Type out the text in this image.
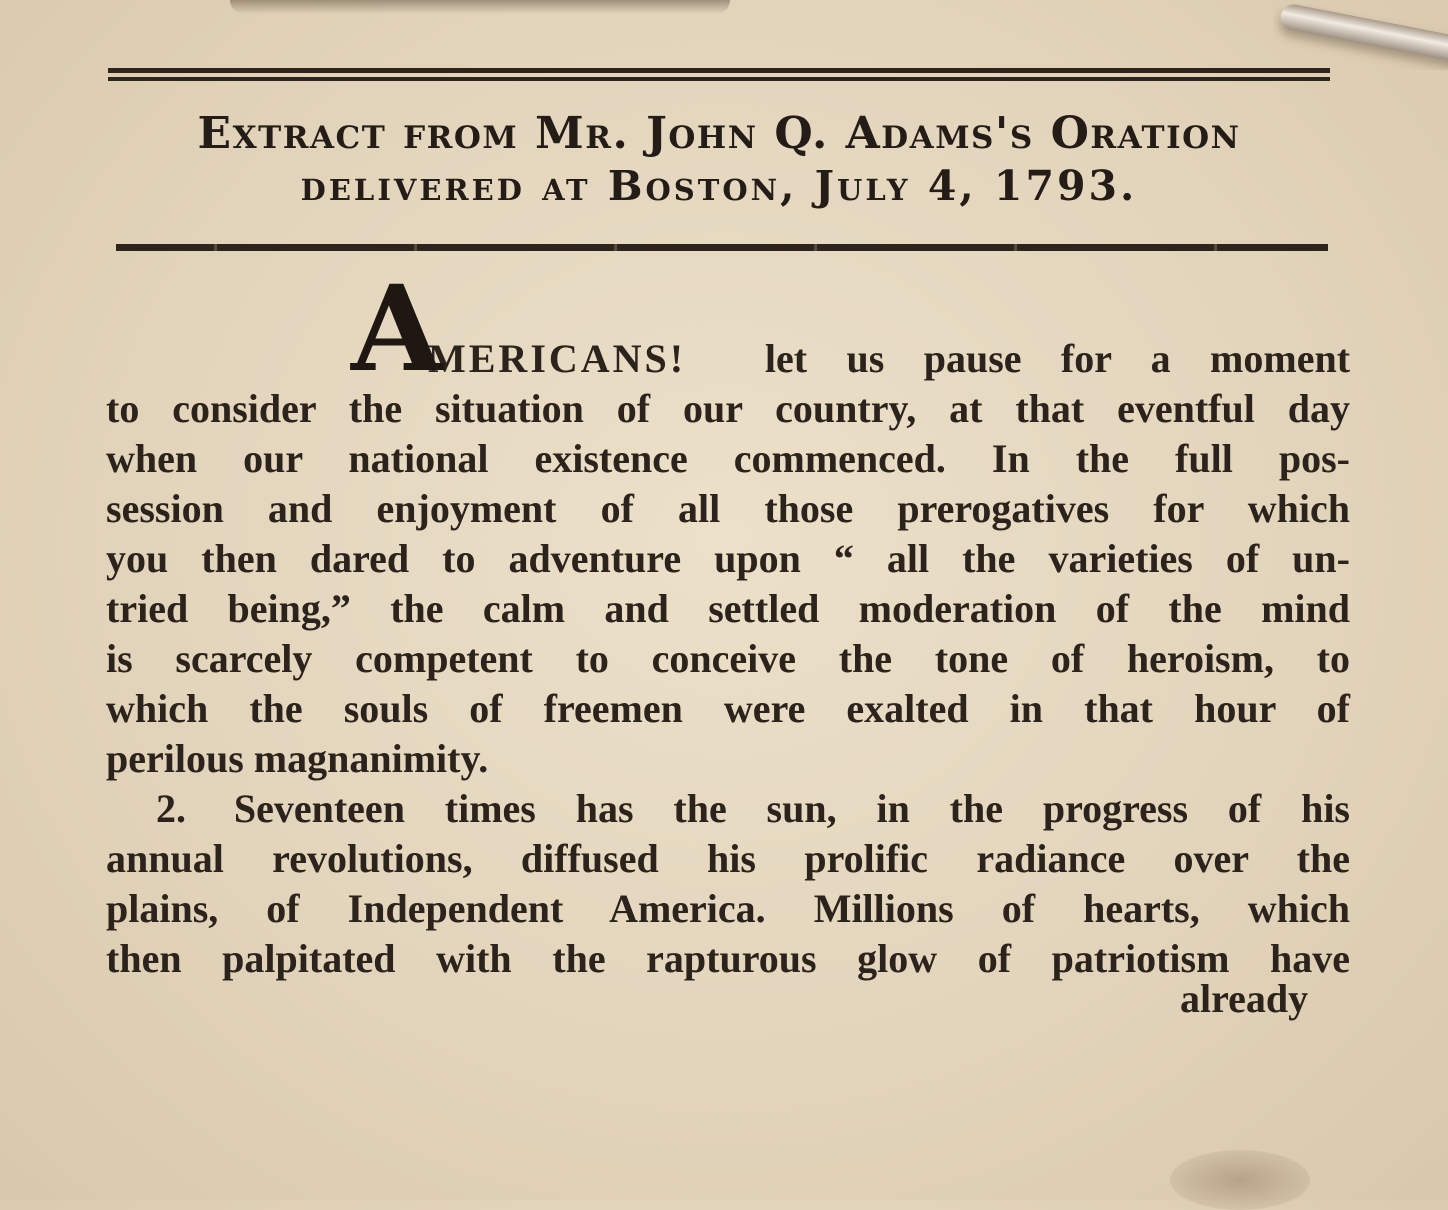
Extract from Mr. John Q. Adams's Oration
delivered at Boston, July 4, 1793.
A
MERICANS! let us pause for a moment
to consider the situation of our country, at that eventful day
when our national existence commenced. In the full pos-
session and enjoyment of all those prerogatives for which
you then dared to adventure upon “ all the varieties of un-
tried being,” the calm and settled moderation of the mind
is scarcely competent to conceive the tone of heroism, to
which the souls of freemen were exalted in that hour of
perilous magnanimity.
2. Seventeen times has the sun, in the progress of his
annual revolutions, diffused his prolific radiance over the
plains, of Independent America. Millions of hearts, which
then palpitated with the rapturous glow of patriotism have
already
